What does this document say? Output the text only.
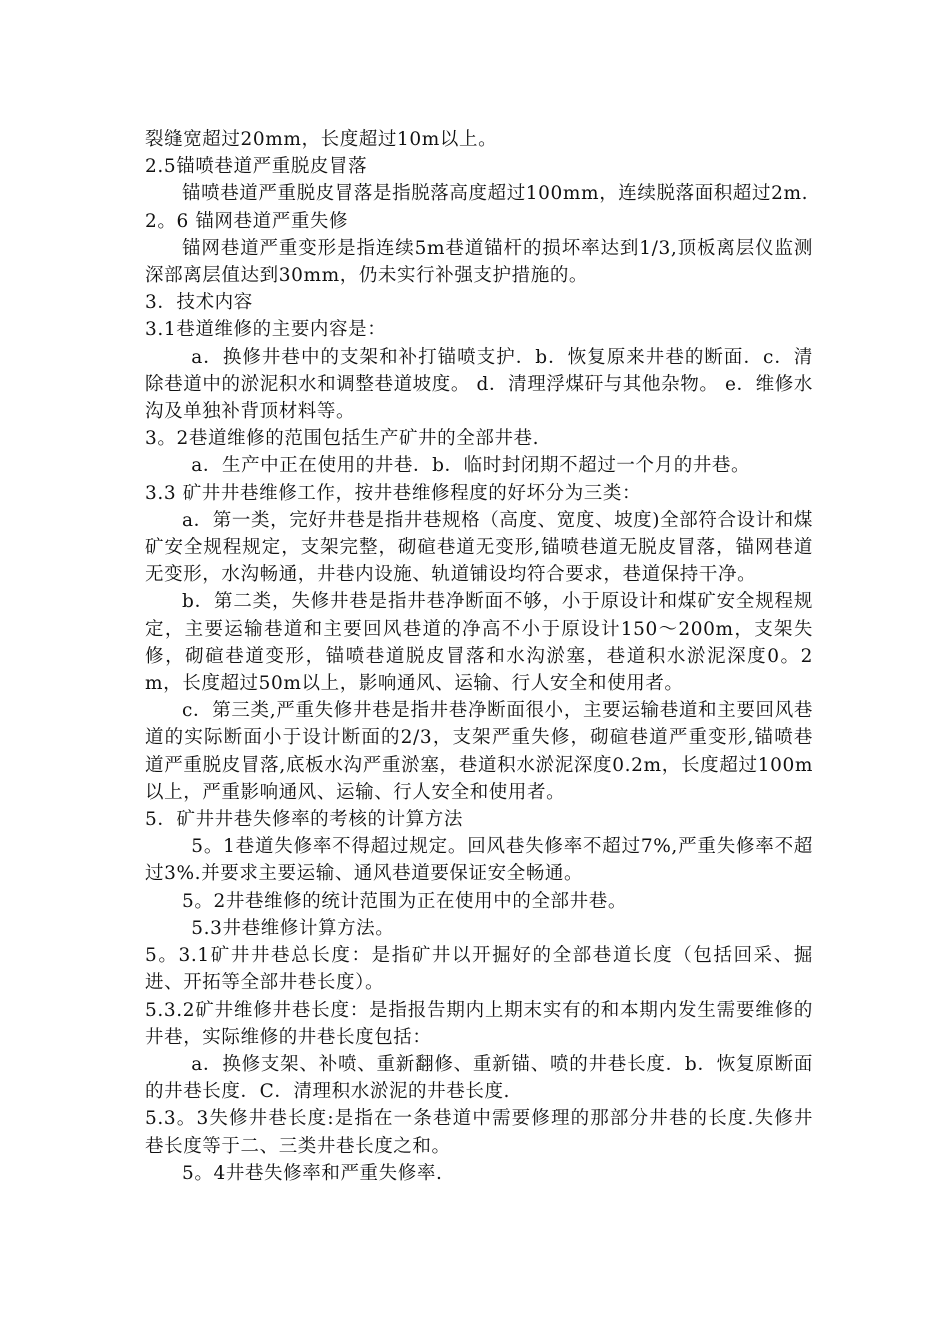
裂缝宽超过20mm，长度超过10m以上。

2.5锚喷巷道严重脱皮冒落

锚喷巷道严重脱皮冒落是指脱落高度超过100mm，连续脱落面积超过2m.

2。6 锚网巷道严重失修

锚网巷道严重变形是指连续5m巷道锚杆的损坏率达到1/3,顶板离层仪监测深部离层值达到30mm，仍未实行补强支护措施的。

3．技术内容

3.1巷道维修的主要内容是：

a．换修井巷中的支架和补打锚喷支护．b．恢复原来井巷的断面．c．清除巷道中的淤泥积水和调整巷道坡度。 d．清理浮煤矸与其他杂物。 e．维修水沟及单独补背顶材料等。

3。2巷道维修的范围包括生产矿井的全部井巷.

a．生产中正在使用的井巷．b．临时封闭期不超过一个月的井巷。

3.3 矿井井巷维修工作，按井巷维修程度的好坏分为三类：

a．第一类，完好井巷是指井巷规格（高度、宽度、坡度)全部符合设计和煤矿安全规程规定，支架完整，砌碹巷道无变形,锚喷巷道无脱皮冒落，锚网巷道无变形，水沟畅通，井巷内设施、轨道铺设均符合要求，巷道保持干净。

b．第二类，失修井巷是指井巷净断面不够，小于原设计和煤矿安全规程规定，主要运输巷道和主要回风巷道的净高不小于原设计150～200m，支架失修，砌碹巷道变形，锚喷巷道脱皮冒落和水沟淤塞，巷道积水淤泥深度0。2m，长度超过50m以上，影响通风、运输、行人安全和使用者。

c．第三类,严重失修井巷是指井巷净断面很小，主要运输巷道和主要回风巷道的实际断面小于设计断面的2/3，支架严重失修，砌碹巷道严重变形,锚喷巷道严重脱皮冒落,底板水沟严重淤塞，巷道积水淤泥深度0.2m，长度超过100m以上，严重影响通风、运输、行人安全和使用者。

5．矿井井巷失修率的考核的计算方法

5。1巷道失修率不得超过规定。回风巷失修率不超过7%,严重失修率不超过3%.并要求主要运输、通风巷道要保证安全畅通。

5。2井巷维修的统计范围为正在使用中的全部井巷。

5.3井巷维修计算方法。

5。3.1矿井井巷总长度：是指矿井以开掘好的全部巷道长度（包括回采、掘进、开拓等全部井巷长度）。

5.3.2矿井维修井巷长度：是指报告期内上期末实有的和本期内发生需要维修的井巷，实际维修的井巷长度包括：

a．换修支架、补喷、重新翻修、重新锚、喷的井巷长度．b．恢复原断面的井巷长度．C．清理积水淤泥的井巷长度.

5.3。3失修井巷长度:是指在一条巷道中需要修理的那部分井巷的长度.失修井巷长度等于二、三类井巷长度之和。

5。4井巷失修率和严重失修率.
